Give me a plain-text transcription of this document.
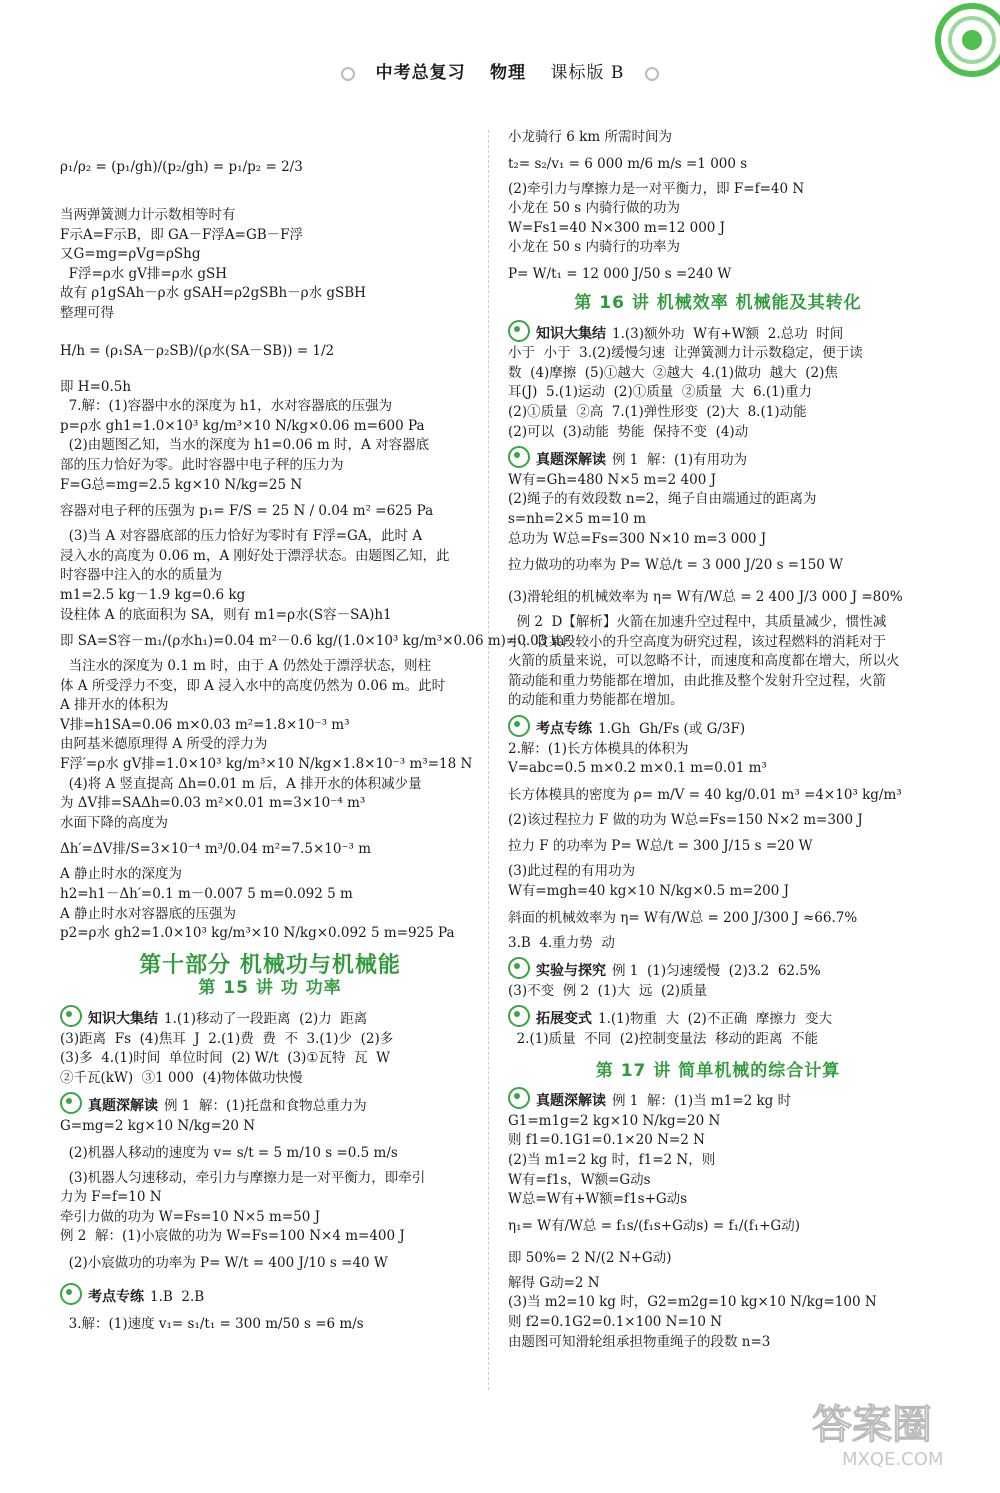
中考总复习 物理 课标版 B
ρ₁/ρ₂ = (p₁/gh)/(p₂/gh) = p₁/p₂ = 2/3
当两弹簧测力计示数相等时有
F示A=F示B，即 GA－F浮A=GB－F浮
又G=mg=ρVg=ρShg
F浮=ρ水 gV排=ρ水 gSH
故有 ρ1gSAh－ρ水 gSAH=ρ2gSBh－ρ水 gSBH
整理可得
H/h = (ρ₁SA－ρ₂SB)/(ρ水(SA－SB)) = 1/2
即 H=0.5h
7.解：(1)容器中水的深度为 h1，水对容器底的压强为
p=ρ水 gh1=1.0×10³ kg/m³×10 N/kg×0.06 m=600 Pa
(2)由题图乙知，当水的深度为 h1=0.06 m 时，A 对容器底
部的压力恰好为零。此时容器中电子秤的压力为
F=G总=mg=2.5 kg×10 N/kg=25 N
容器对电子秤的压强为 p₁= F/S = 25 N / 0.04 m² =625 Pa
(3)当 A 对容器底部的压力恰好为零时有 F浮=GA，此时 A
浸入水的高度为 0.06 m，A 刚好处于漂浮状态。由题图乙知，此
时容器中注入的水的质量为
m1=2.5 kg－1.9 kg=0.6 kg
设柱体 A 的底面积为 SA，则有 m1=ρ水(S容－SA)h1
即 SA=S容－m₁/(ρ水h₁)=0.04 m²－0.6 kg/(1.0×10³ kg/m³×0.06 m)=0.03 m²
当注水的深度为 0.1 m 时，由于 A 仍然处于漂浮状态，则柱
体 A 所受浮力不变，即 A 浸入水中的高度仍然为 0.06 m。此时
A 排开水的体积为
V排=h1SA=0.06 m×0.03 m²=1.8×10⁻³ m³
由阿基米德原理得 A 所受的浮力为
F浮′=ρ水 gV排=1.0×10³ kg/m³×10 N/kg×1.8×10⁻³ m³=18 N
(4)将 A 竖直提高 Δh=0.01 m 后，A 排开水的体积减少量
为 ΔV排=SAΔh=0.03 m²×0.01 m=3×10⁻⁴ m³
水面下降的高度为
Δh′=ΔV排/S=3×10⁻⁴ m³/0.04 m²=7.5×10⁻³ m
A 静止时水的深度为
h2=h1－Δh′=0.1 m－0.007 5 m=0.092 5 m
A 静止时水对容器底的压强为
p2=ρ水 gh2=1.0×10³ kg/m³×10 N/kg×0.092 5 m=925 Pa
第十部分 机械功与机械能
第 15 讲 功 功率
知识大集结 1.(1)移动了一段距离  (2)力  距离
(3)距离  Fs  (4)焦耳  J  2.(1)费  费  不  3.(1)少  (2)多
(3)多  4.(1)时间  单位时间  (2) W/t  (3)①瓦特  瓦  W
②千瓦(kW)  ③1 000  (4)物体做功快慢
真题深解读 例 1  解：(1)托盘和食物总重力为
G=mg=2 kg×10 N/kg=20 N
(2)机器人移动的速度为 v= s/t = 5 m/10 s =0.5 m/s
(3)机器人匀速移动，牵引力与摩擦力是一对平衡力，即牵引
力为 F=f=10 N
牵引力做的功为 W=Fs=10 N×5 m=50 J
例 2  解：(1)小宸做的功为 W=Fs=100 N×4 m=400 J
(2)小宸做功的功率为 P= W/t = 400 J/10 s =40 W
考点专练 1.B  2.B
3.解：(1)速度 v₁= s₁/t₁ = 300 m/50 s =6 m/s
小龙骑行 6 km 所需时间为
t₂= s₂/v₁ = 6 000 m/6 m/s =1 000 s
(2)牵引力与摩擦力是一对平衡力，即 F=f=40 N
小龙在 50 s 内骑行做的功为
W=Fs1=40 N×300 m=12 000 J
小龙在 50 s 内骑行的功率为
P= W/t₁ = 12 000 J/50 s =240 W
第 16 讲 机械效率 机械能及其转化
知识大集结 1.(3)额外功  W有+W额  2.总功  时间
小于  小于  3.(2)缓慢匀速  让弹簧测力计示数稳定，便于读
数  (4)摩擦  (5)①越大  ②越大  4.(1)做功  越大  (2)焦
耳(J)  5.(1)运动  (2)①质量  ②质量  大  6.(1)重力
(2)①质量  ②高  7.(1)弹性形变  (2)大  8.(1)动能
(2)可以  (3)动能  势能  保持不变  (4)动
真题深解读 例 1  解：(1)有用功为
W有=Gh=480 N×5 m=2 400 J
(2)绳子的有效段数 n=2，绳子自由端通过的距离为
s=nh=2×5 m=10 m
总功为 W总=Fs=300 N×10 m=3 000 J
拉力做功的功率为 P= W总/t = 3 000 J/20 s =150 W
(3)滑轮组的机械效率为 η= W有/W总 = 2 400 J/3 000 J =80%
例 2  D【解析】火箭在加速升空过程中，其质量减少，惯性减
小；收某段较小的升空高度为研究过程，该过程燃料的消耗对于
火箭的质量来说，可以忽略不计，而速度和高度都在增大，所以火
箭动能和重力势能都在增加，由此推及整个发射升空过程，火箭
的动能和重力势能都在增加。
考点专练 1.Gh  Gh/Fs (或 G/3F)
2.解：(1)长方体模具的体积为
V=abc=0.5 m×0.2 m×0.1 m=0.01 m³
长方体模具的密度为 ρ= m/V = 40 kg/0.01 m³ =4×10³ kg/m³
(2)该过程拉力 F 做的功为 W总=Fs=150 N×2 m=300 J
拉力 F 的功率为 P= W总/t = 300 J/15 s =20 W
(3)此过程的有用功为
W有=mgh=40 kg×10 N/kg×0.5 m=200 J
斜面的机械效率为 η= W有/W总 = 200 J/300 J ≈66.7%
3.B  4.重力势  动
实验与探究 例 1  (1)匀速缓慢  (2)3.2  62.5%
(3)不变  例 2  (1)大  远  (2)质量
拓展变式 1.(1)物重  大  (2)不正确  摩擦力  变大
2.(1)质量  不同  (2)控制变量法  移动的距离  不能
第 17 讲 简单机械的综合计算
真题深解读 例 1  解：(1)当 m1=2 kg 时
G1=m1g=2 kg×10 N/kg=20 N
则 f1=0.1G1=0.1×20 N=2 N
(2)当 m1=2 kg 时，f1=2 N，则
W有=f1s，W额=G动s
W总=W有+W额=f1s+G动s
η₁= W有/W总 = f₁s/(f₁s+G动s) = f₁/(f₁+G动)
即 50%= 2 N/(2 N+G动)
解得 G动=2 N
(3)当 m2=10 kg 时，G2=m2g=10 kg×10 N/kg=100 N
则 f2=0.1G2=0.1×100 N=10 N
由题图可知滑轮组承担物重绳子的段数 n=3
答案圈
MXQE.COM
